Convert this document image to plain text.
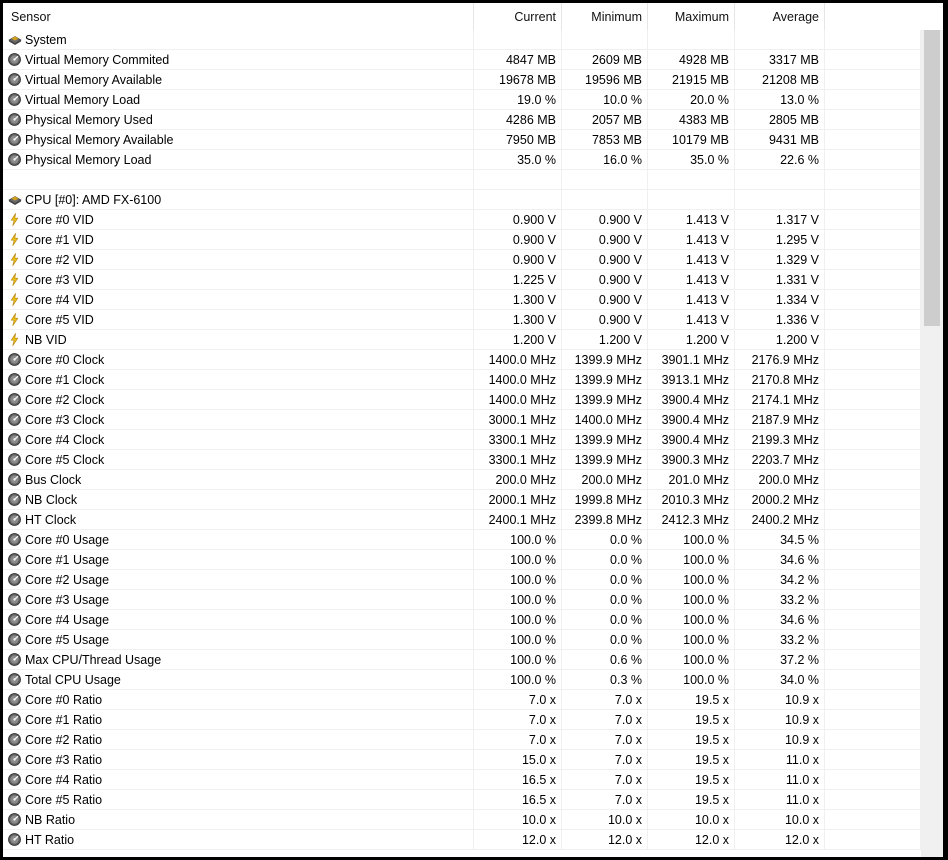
Sensor	Current	Minimum	Maximum	Average
System
Virtual Memory Commited	4847 MB	2609 MB	4928 MB	3317 MB
Virtual Memory Available	19678 MB	19596 MB	21915 MB	21208 MB
Virtual Memory Load	19.0 %	10.0 %	20.0 %	13.0 %
Physical Memory Used	4286 MB	2057 MB	4383 MB	2805 MB
Physical Memory Available	7950 MB	7853 MB	10179 MB	9431 MB
Physical Memory Load	35.0 %	16.0 %	35.0 %	22.6 %
CPU [#0]: AMD FX-6100
Core #0 VID	0.900 V	0.900 V	1.413 V	1.317 V
Core #1 VID	0.900 V	0.900 V	1.413 V	1.295 V
Core #2 VID	0.900 V	0.900 V	1.413 V	1.329 V
Core #3 VID	1.225 V	0.900 V	1.413 V	1.331 V
Core #4 VID	1.300 V	0.900 V	1.413 V	1.334 V
Core #5 VID	1.300 V	0.900 V	1.413 V	1.336 V
NB VID	1.200 V	1.200 V	1.200 V	1.200 V
Core #0 Clock	1400.0 MHz	1399.9 MHz	3901.1 MHz	2176.9 MHz
Core #1 Clock	1400.0 MHz	1399.9 MHz	3913.1 MHz	2170.8 MHz
Core #2 Clock	1400.0 MHz	1399.9 MHz	3900.4 MHz	2174.1 MHz
Core #3 Clock	3000.1 MHz	1400.0 MHz	3900.4 MHz	2187.9 MHz
Core #4 Clock	3300.1 MHz	1399.9 MHz	3900.4 MHz	2199.3 MHz
Core #5 Clock	3300.1 MHz	1399.9 MHz	3900.3 MHz	2203.7 MHz
Bus Clock	200.0 MHz	200.0 MHz	201.0 MHz	200.0 MHz
NB Clock	2000.1 MHz	1999.8 MHz	2010.3 MHz	2000.2 MHz
HT Clock	2400.1 MHz	2399.8 MHz	2412.3 MHz	2400.2 MHz
Core #0 Usage	100.0 %	0.0 %	100.0 %	34.5 %
Core #1 Usage	100.0 %	0.0 %	100.0 %	34.6 %
Core #2 Usage	100.0 %	0.0 %	100.0 %	34.2 %
Core #3 Usage	100.0 %	0.0 %	100.0 %	33.2 %
Core #4 Usage	100.0 %	0.0 %	100.0 %	34.6 %
Core #5 Usage	100.0 %	0.0 %	100.0 %	33.2 %
Max CPU/Thread Usage	100.0 %	0.6 %	100.0 %	37.2 %
Total CPU Usage	100.0 %	0.3 %	100.0 %	34.0 %
Core #0 Ratio	7.0 x	7.0 x	19.5 x	10.9 x
Core #1 Ratio	7.0 x	7.0 x	19.5 x	10.9 x
Core #2 Ratio	7.0 x	7.0 x	19.5 x	10.9 x
Core #3 Ratio	15.0 x	7.0 x	19.5 x	11.0 x
Core #4 Ratio	16.5 x	7.0 x	19.5 x	11.0 x
Core #5 Ratio	16.5 x	7.0 x	19.5 x	11.0 x
NB Ratio	10.0 x	10.0 x	10.0 x	10.0 x
HT Ratio	12.0 x	12.0 x	12.0 x	12.0 x
